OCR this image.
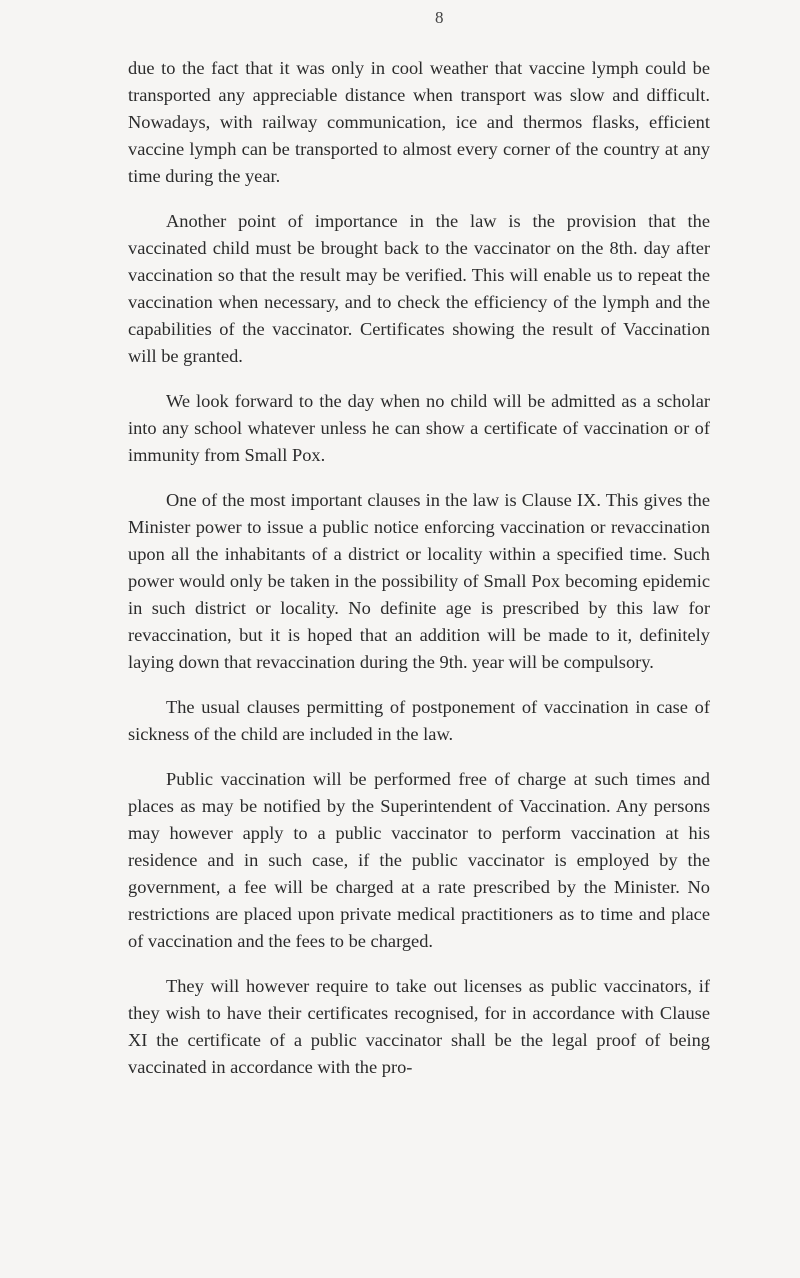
8

due to the fact that it was only in cool weather that vaccine lymph could be transported any appreciable distance when transport was slow and difficult. Nowadays, with railway communication, ice and thermos flasks, efficient vaccine lymph can be transported to almost every corner of the country at any time during the year.

Another point of importance in the law is the provision that the vaccinated child must be brought back to the vaccinator on the 8th. day after vaccination so that the result may be verified. This will enable us to repeat the vaccination when necessary, and to check the efficiency of the lymph and the capabilities of the vaccinator. Certificates showing the result of Vaccination will be granted.

We look forward to the day when no child will be admitted as a scholar into any school whatever unless he can show a certificate of vaccination or of immunity from Small Pox.

One of the most important clauses in the law is Clause IX. This gives the Minister power to issue a public notice enforcing vaccination or revaccination upon all the inhabitants of a district or locality within a specified time. Such power would only be taken in the possibility of Small Pox becoming epidemic in such district or locality. No definite age is prescribed by this law for revaccination, but it is hoped that an addition will be made to it, definitely laying down that revaccination during the 9th. year will be compulsory.

The usual clauses permitting of postponement of vaccination in case of sickness of the child are included in the law.

Public vaccination will be performed free of charge at such times and places as may be notified by the Superintendent of Vaccination. Any persons may however apply to a public vaccinator to perform vaccination at his residence and in such case, if the public vaccinator is employed by the government, a fee will be charged at a rate prescribed by the Minister. No restrictions are placed upon private medical practitioners as to time and place of vaccination and the fees to be charged.

They will however require to take out licenses as public vaccinators, if they wish to have their certificates recognised, for in accordance with Clause XI the certificate of a public vaccinator shall be the legal proof of being vaccinated in accordance with the pro-
